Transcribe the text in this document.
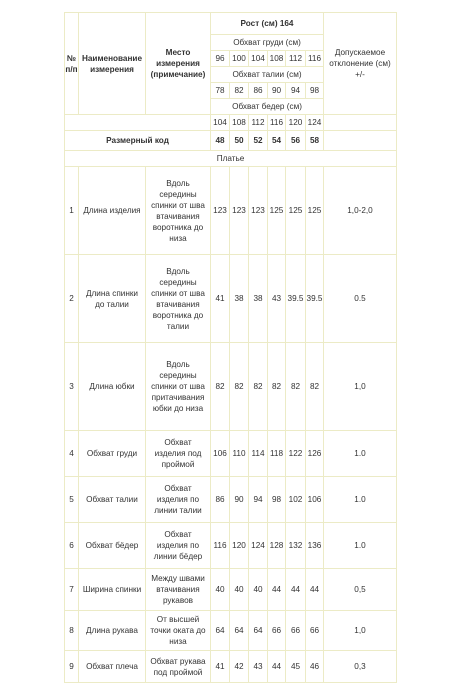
№ п/п	Наименование измерения	Место измерения (примечание)	Рост (см) 164						Допускаемое отклонение (см) +/-
			Обхват груди (см)						
			96	100	104	108	112	116	
			Обхват талии (см)						
			78	82	86	90	94	98	
			Обхват бедер (см)						
			104	108	112	116	120	124	
Размерный код			48	50	52	54	56	58	
Платье									
1	Длина изделия	Вдоль середины спинки от шва втачивания воротника до низа	123	123	123	125	125	125	1,0-2,0
2	Длина спинки до талии	Вдоль середины спинки от шва втачивания воротника до талии	41	38	38	43	39.5	39.5	0.5
3	Длина юбки	Вдоль середины спинки от шва притачивания юбки до низа	82	82	82	82	82	82	1,0
4	Обхват груди	Обхват изделия под проймой	106	110	114	118	122	126	1.0
5	Обхват талии	Обхват изделия по линии талии	86	90	94	98	102	106	1.0
6	Обхват бёдер	Обхват изделия по линии бёдер	116	120	124	128	132	136	1.0
7	Ширина спинки	Между швами втачивания рукавов	40	40	40	44	44	44	0,5
8	Длина рукава	От высшей точки оката до низа	64	64	64	66	66	66	1,0
9	Обхват плеча	Обхват рукава под проймой	41	42	43	44	45	46	0,3
